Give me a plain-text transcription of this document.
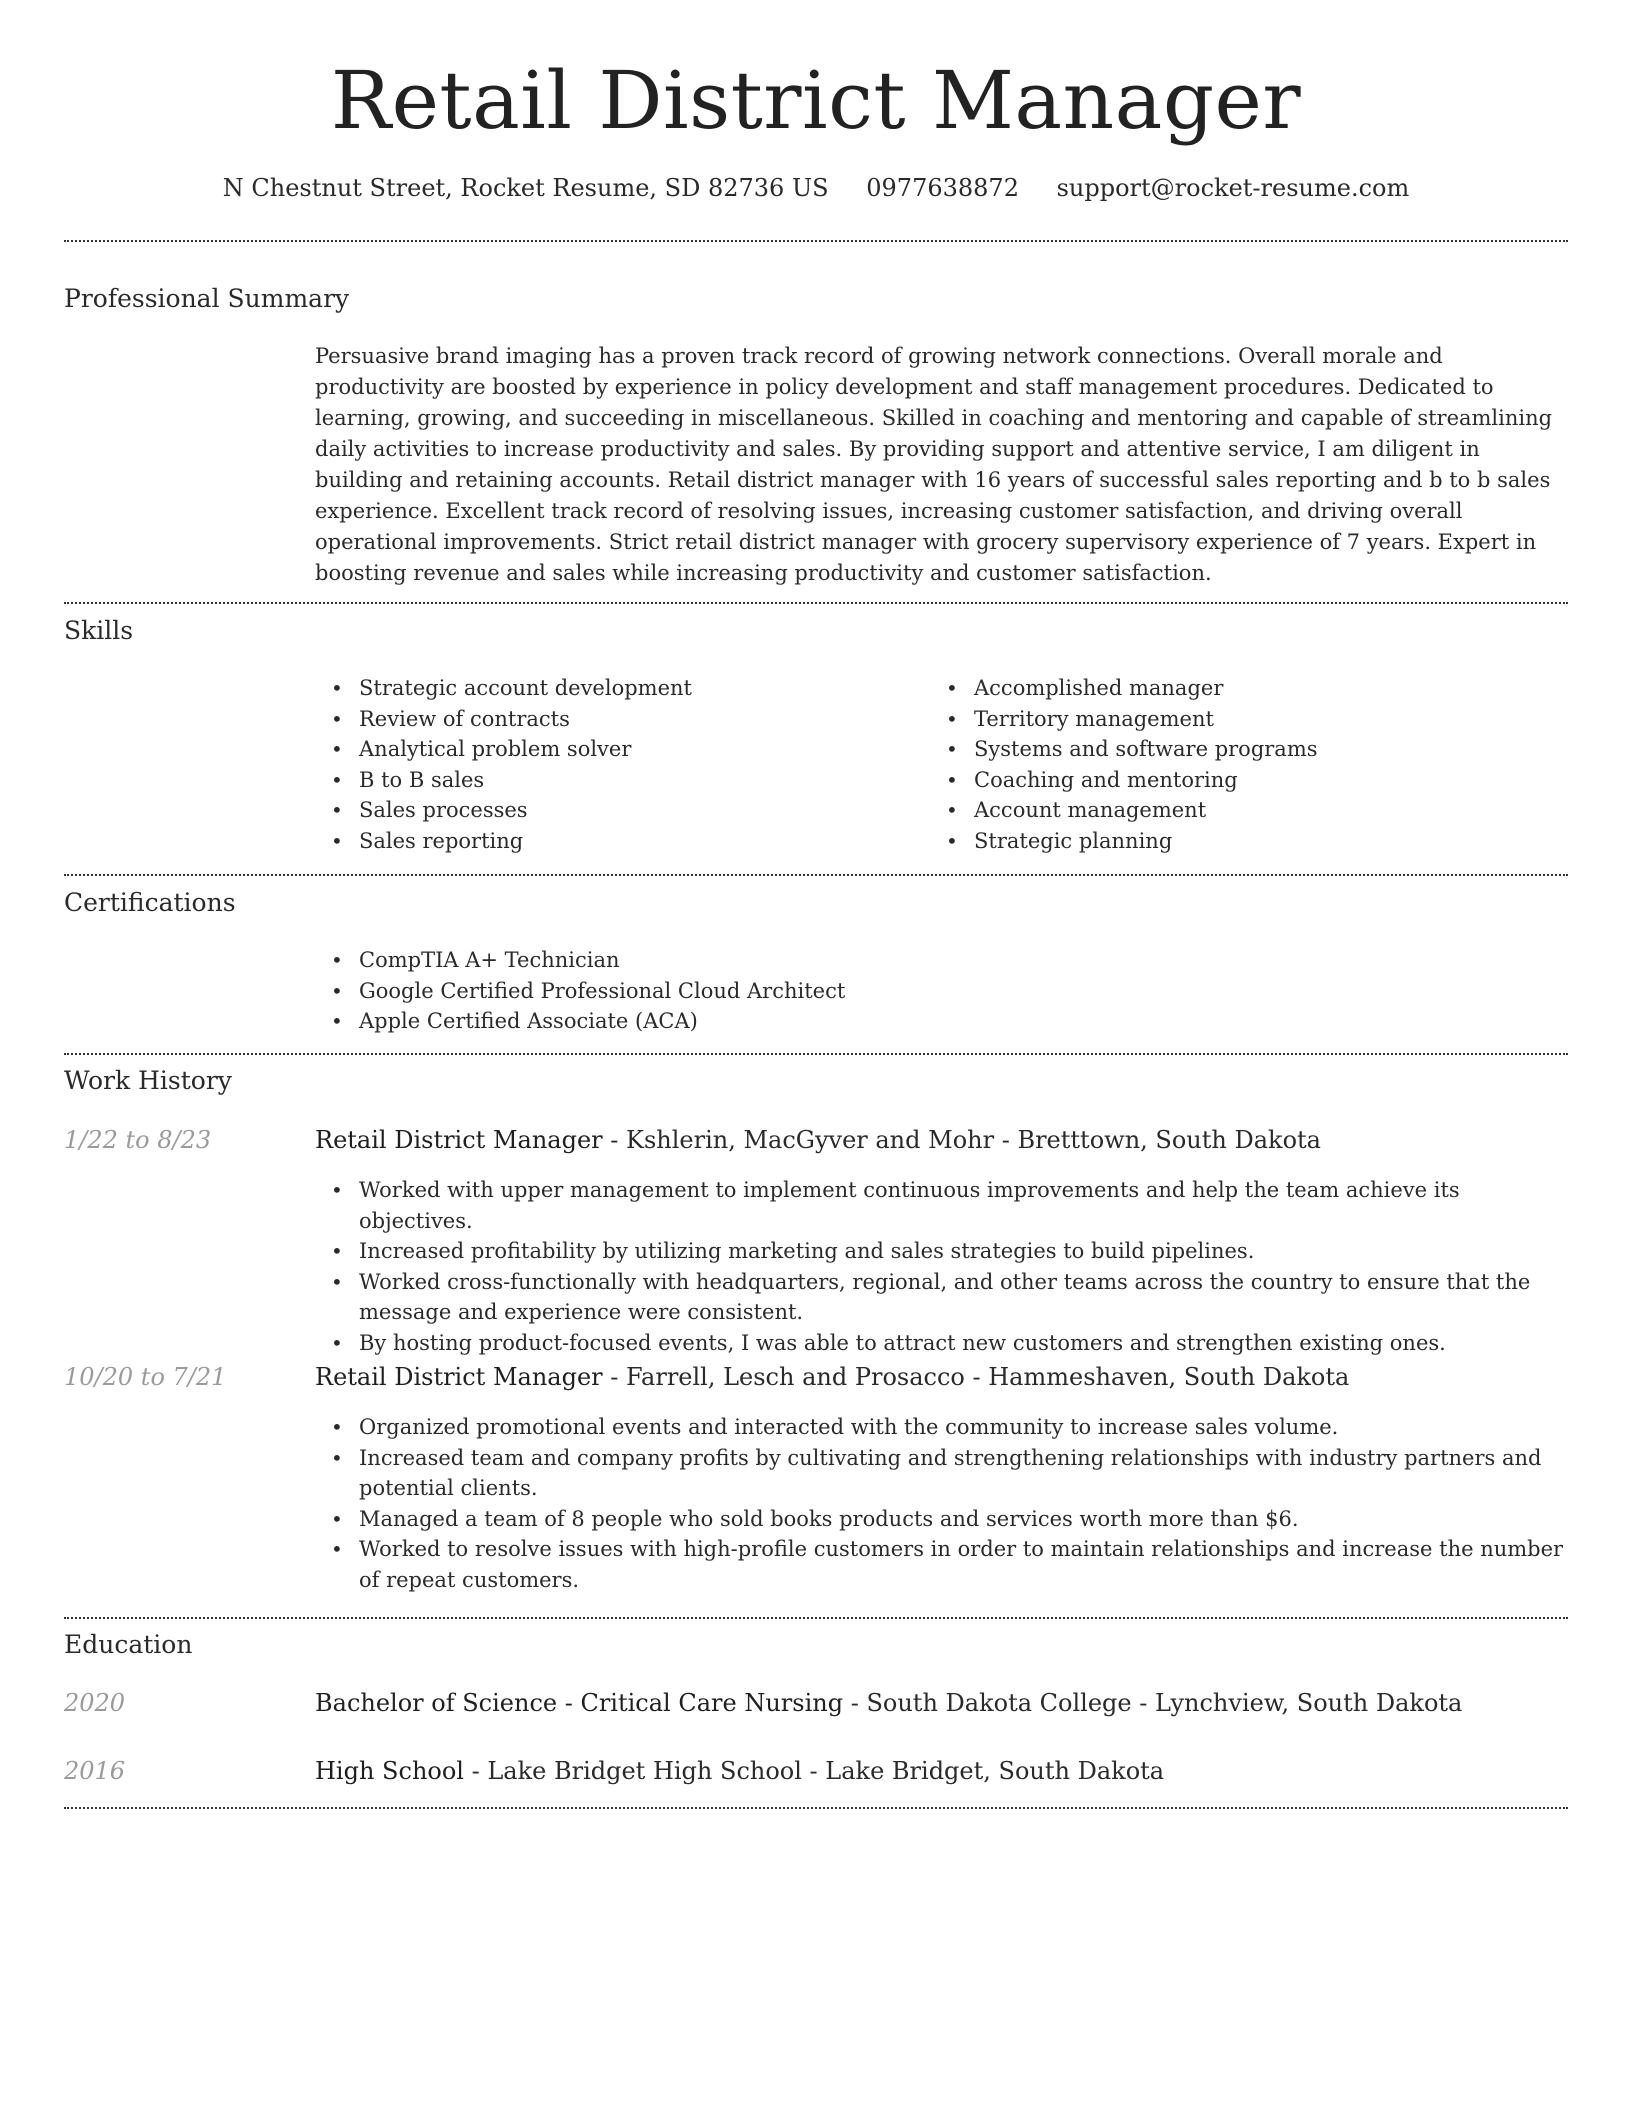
Retail District Manager
N Chestnut Street, Rocket Resume, SD 82736 US 0977638872 support@rocket-resume.com
Professional Summary
Persuasive brand imaging has a proven track record of growing network connections. Overall morale and productivity are boosted by experience in policy development and staff management procedures. Dedicated to learning, growing, and succeeding in miscellaneous. Skilled in coaching and mentoring and capable of streamlining daily activities to increase productivity and sales. By providing support and attentive service, I am diligent in building and retaining accounts. Retail district manager with 16 years of successful sales reporting and b to b sales experience. Excellent track record of resolving issues, increasing customer satisfaction, and driving overall operational improvements. Strict retail district manager with grocery supervisory experience of 7 years. Expert in boosting revenue and sales while increasing productivity and customer satisfaction.
Skills
• Strategic account development
• Review of contracts
• Analytical problem solver
• B to B sales
• Sales processes
• Sales reporting
• Accomplished manager
• Territory management
• Systems and software programs
• Coaching and mentoring
• Account management
• Strategic planning
Certifications
• CompTIA A+ Technician
• Google Certified Professional Cloud Architect
• Apple Certified Associate (ACA)
Work History
1/22 to 8/23	Retail District Manager - Kshlerin, MacGyver and Mohr - Bretttown, South Dakota
• Worked with upper management to implement continuous improvements and help the team achieve its objectives.
• Increased profitability by utilizing marketing and sales strategies to build pipelines.
• Worked cross-functionally with headquarters, regional, and other teams across the country to ensure that the message and experience were consistent.
• By hosting product-focused events, I was able to attract new customers and strengthen existing ones.
10/20 to 7/21	Retail District Manager - Farrell, Lesch and Prosacco - Hammeshaven, South Dakota
• Organized promotional events and interacted with the community to increase sales volume.
• Increased team and company profits by cultivating and strengthening relationships with industry partners and potential clients.
• Managed a team of 8 people who sold books products and services worth more than $6.
• Worked to resolve issues with high-profile customers in order to maintain relationships and increase the number of repeat customers.
Education
2020	Bachelor of Science - Critical Care Nursing - South Dakota College - Lynchview, South Dakota
2016	High School - Lake Bridget High School - Lake Bridget, South Dakota
